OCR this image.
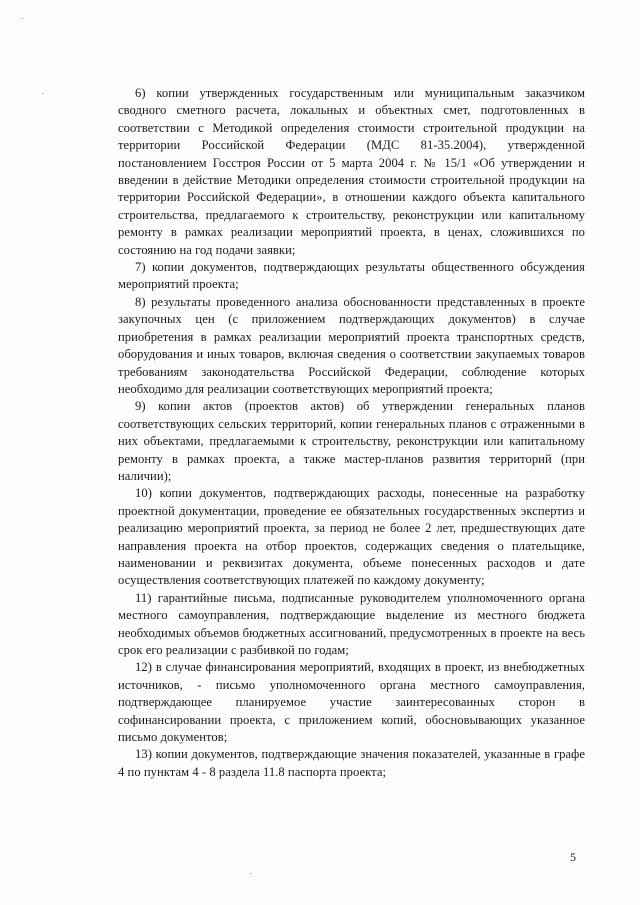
6) копии утвержденных государственным или муниципальным заказчиком сводного сметного расчета, локальных и объектных смет, подготовленных в соответствии с Методикой определения стоимости строительной продукции на территории Российской Федерации (МДС 81-35.2004), утвержденной постановлением Госстроя России от 5 марта 2004 г. № 15/1 «Об утверждении и введении в действие Методики определения стоимости строительной продукции на территории Российской Федерации», в отношении каждого объекта капитального строительства, предлагаемого к строительству, реконструкции или капитальному ремонту в рамках реализации мероприятий проекта, в ценах, сложившихся по состоянию на год подачи заявки;

7) копии документов, подтверждающих результаты общественного обсуждения мероприятий проекта;

8) результаты проведенного анализа обоснованности представленных в проекте закупочных цен (с приложением подтверждающих документов) в случае приобретения в рамках реализации мероприятий проекта транспортных средств, оборудования и иных товаров, включая сведения о соответствии закупаемых товаров требованиям законодательства Российской Федерации, соблюдение которых необходимо для реализации соответствующих мероприятий проекта;

9) копии актов (проектов актов) об утверждении генеральных планов соответствующих сельских территорий, копии генеральных планов с отраженными в них объектами, предлагаемыми к строительству, реконструкции или капитальному ремонту в рамках проекта, а также мастер-планов развития территорий (при наличии);

10) копии документов, подтверждающих расходы, понесенные на разработку проектной документации, проведение ее обязательных государственных экспертиз и реализацию мероприятий проекта, за период не более 2 лет, предшествующих дате направления проекта на отбор проектов, содержащих сведения о плательщике, наименовании и реквизитах документа, объеме понесенных расходов и дате осуществления соответствующих платежей по каждому документу;

11) гарантийные письма, подписанные руководителем уполномоченного органа местного самоуправления, подтверждающие выделение из местного бюджета необходимых объемов бюджетных ассигнований, предусмотренных в проекте на весь срок его реализации с разбивкой по годам;

12) в случае финансирования мероприятий, входящих в проект, из внебюджетных источников, - письмо уполномоченного органа местного самоуправления, подтверждающее планируемое участие заинтересованных сторон в софинансировании проекта, с приложением копий, обосновывающих указанное письмо документов;

13) копии документов, подтверждающие значения показателей, указанные в графе 4 по пунктам 4 - 8 раздела 11.8 паспорта проекта;

5
